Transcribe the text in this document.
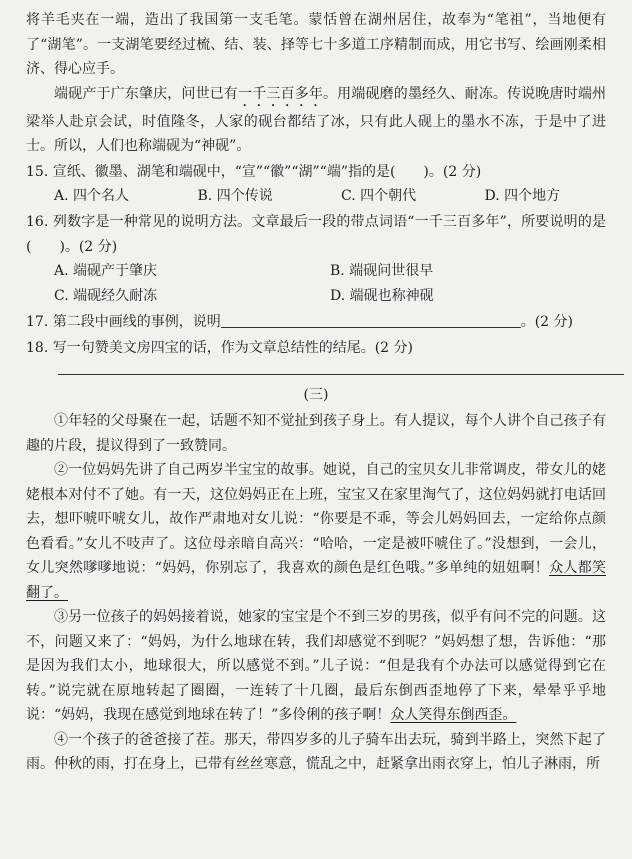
将羊毛夹在一端，造出了我国第一支毛笔。蒙恬曾在湖州居住，故奉为“笔祖”，当地便有了“湖笔”。一支湖笔要经过梳、结、装、择等七十多道工序精制而成，用它书写、绘画刚柔相济、得心应手。

端砚产于广东肇庆，问世已有一千三百多年。用端砚磨的墨经久、耐冻。传说晚唐时端州梁举人赴京会试，时值隆冬，人家的砚台都结了冰，只有此人砚上的墨水不冻，于是中了进士。所以，人们也称端砚为“神砚”。

15. 宣纸、徽墨、湖笔和端砚中，“宣”“徽”“湖”“端”指的是(　　)。(2 分)

A. 四个名人	B. 四个传说	C. 四个朝代	D. 四个地方

16. 列数字是一种常见的说明方法。文章最后一段的带点词语“一千三百多年”，所要说明的是(　　)。(2 分)

A. 端砚产于肇庆	B. 端砚问世很早
C. 端砚经久耐冻	D. 端砚也称神砚

17. 第二段中画线的事例，说明	。(2 分)

18. 写一句赞美文房四宝的话，作为文章总结性的结尾。(2 分)

(三)

①年轻的父母聚在一起，话题不知不觉扯到孩子身上。有人提议，每个人讲个自己孩子有趣的片段，提议得到了一致赞同。

②一位妈妈先讲了自己两岁半宝宝的故事。她说，自己的宝贝女儿非常调皮，带女儿的姥姥根本对付不了她。有一天，这位妈妈正在上班，宝宝又在家里淘气了，这位妈妈就打电话回去，想吓唬吓唬女儿，故作严肃地对女儿说：“你要是不乖，等会儿妈妈回去，一定给你点颜色看看。”女儿不吱声了。这位母亲暗自高兴：“哈哈，一定是被吓唬住了。”没想到，一会儿，女儿突然嗲嗲地说：“妈妈，你别忘了，我喜欢的颜色是红色哦。”多单纯的妞妞啊！众人都笑翻了。

③另一位孩子的妈妈接着说，她家的宝宝是个不到三岁的男孩，似乎有问不完的问题。这不，问题又来了：“妈妈，为什么地球在转，我们却感觉不到呢？”妈妈想了想，告诉他：“那是因为我们太小，地球很大，所以感觉不到。”儿子说：“但是我有个办法可以感觉得到它在转。”说完就在原地转起了圈圈，一连转了十几圈，最后东倒西歪地停了下来，晕晕乎乎地说：“妈妈，我现在感觉到地球在转了！”多伶俐的孩子啊！众人笑得东倒西歪。

④一个孩子的爸爸接了茬。那天，带四岁多的儿子骑车出去玩，骑到半路上，突然下起了雨。仲秋的雨，打在身上，已带有丝丝寒意，慌乱之中，赶紧拿出雨衣穿上，怕儿子淋雨，所
